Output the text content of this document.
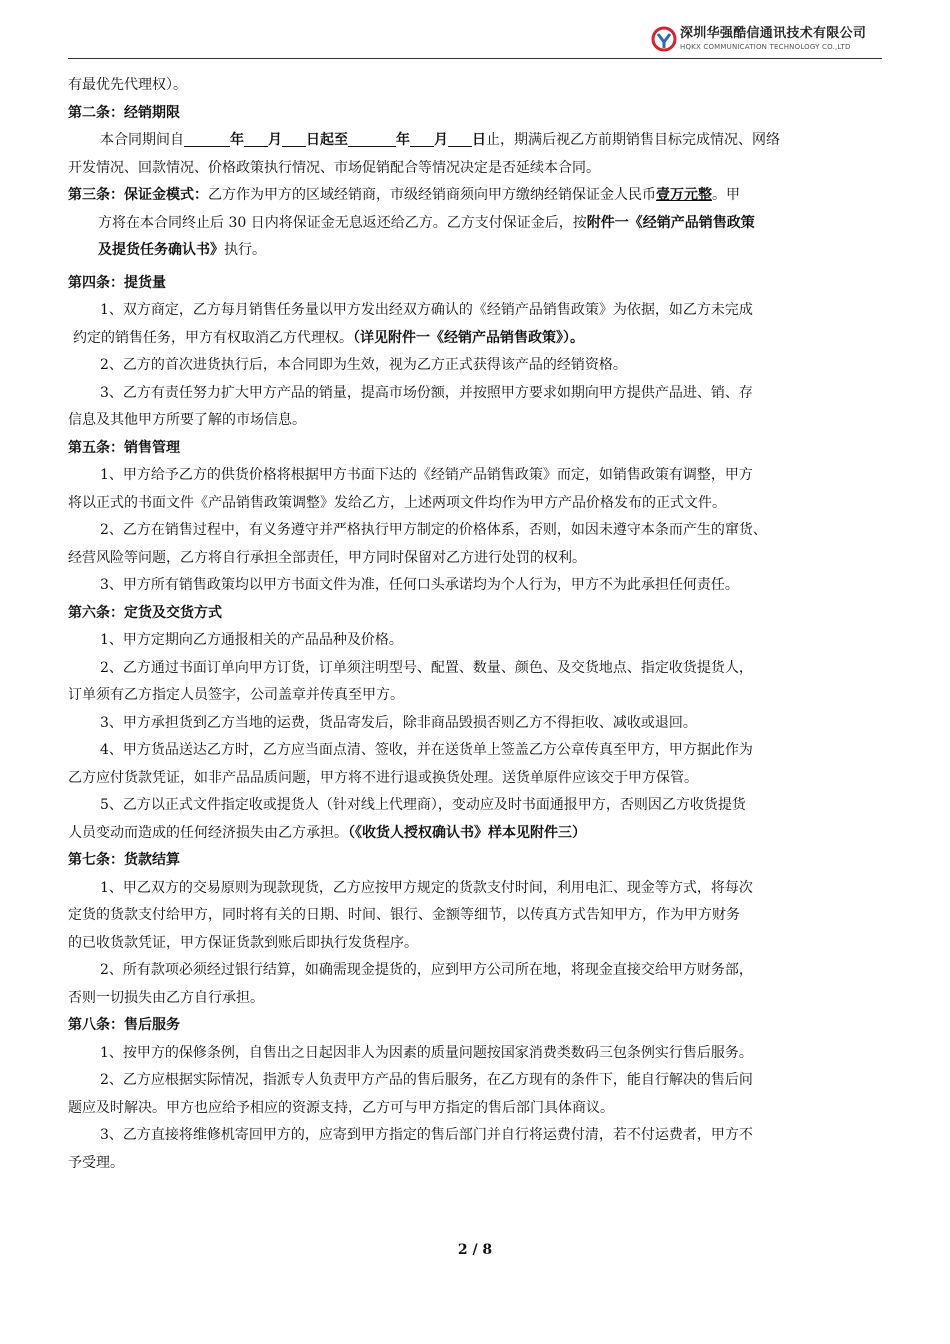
深圳华强酷信通讯技术有限公司
HQKX COMMUNICATION TECHNOLOGY CO.,LTD
有最优先代理权）。
第二条：经销期限
本合同期间自	年 月 日起至	年 月 日止，期满后视乙方前期销售目标完成情况、网络
开发情况、回款情况、价格政策执行情况、市场促销配合等情况决定是否延续本合同。
第三条：保证金模式：乙方作为甲方的区域经销商，市级经销商须向甲方缴纳经销保证金人民币壹万元整。甲
方将在本合同终止后 30 日内将保证金无息返还给乙方。乙方支付保证金后，按附件一《经销产品销售政策
及提货任务确认书》执行。
第四条：提货量
1、双方商定，乙方每月销售任务量以甲方发出经双方确认的《经销产品销售政策》为依据，如乙方未完成
约定的销售任务，甲方有权取消乙方代理权。（详见附件一《经销产品销售政策》）。
2、乙方的首次进货执行后，本合同即为生效，视为乙方正式获得该产品的经销资格。
3、乙方有责任努力扩大甲方产品的销量，提高市场份额，并按照甲方要求如期向甲方提供产品进、销、存
信息及其他甲方所要了解的市场信息。
第五条：销售管理
1、甲方给予乙方的供货价格将根据甲方书面下达的《经销产品销售政策》而定，如销售政策有调整，甲方
将以正式的书面文件《产品销售政策调整》发给乙方，上述两项文件均作为甲方产品价格发布的正式文件。
2、乙方在销售过程中，有义务遵守并严格执行甲方制定的价格体系，否则，如因未遵守本条而产生的窜货、
经营风险等问题，乙方将自行承担全部责任，甲方同时保留对乙方进行处罚的权利。
3、甲方所有销售政策均以甲方书面文件为准，任何口头承诺均为个人行为，甲方不为此承担任何责任。
第六条：定货及交货方式
1、甲方定期向乙方通报相关的产品品种及价格。
2、乙方通过书面订单向甲方订货，订单须注明型号、配置、数量、颜色、及交货地点、指定收货提货人，
订单须有乙方指定人员签字，公司盖章并传真至甲方。
3、甲方承担货到乙方当地的运费，货品寄发后，除非商品毁损否则乙方不得拒收、减收或退回。
4、甲方货品送达乙方时，乙方应当面点清、签收，并在送货单上签盖乙方公章传真至甲方，甲方据此作为
乙方应付货款凭证，如非产品品质问题，甲方将不进行退或换货处理。送货单原件应该交于甲方保管。
5、乙方以正式文件指定收或提货人（针对线上代理商），变动应及时书面通报甲方，否则因乙方收货提货
人员变动而造成的任何经济损失由乙方承担。（《收货人授权确认书》样本见附件三）
第七条：货款结算
1、甲乙双方的交易原则为现款现货，乙方应按甲方规定的货款支付时间，利用电汇、现金等方式，将每次
定货的货款支付给甲方，同时将有关的日期、时间、银行、金额等细节，以传真方式告知甲方，作为甲方财务
的已收货款凭证，甲方保证货款到账后即执行发货程序。
2、所有款项必须经过银行结算，如确需现金提货的，应到甲方公司所在地，将现金直接交给甲方财务部，
否则一切损失由乙方自行承担。
第八条：售后服务
1、按甲方的保修条例，自售出之日起因非人为因素的质量问题按国家消费类数码三包条例实行售后服务。
2、乙方应根据实际情况，指派专人负责甲方产品的售后服务，在乙方现有的条件下，能自行解决的售后问
题应及时解决。甲方也应给予相应的资源支持，乙方可与甲方指定的售后部门具体商议。
3、乙方直接将维修机寄回甲方的，应寄到甲方指定的售后部门并自行将运费付清，若不付运费者，甲方不
予受理。
2 / 8
